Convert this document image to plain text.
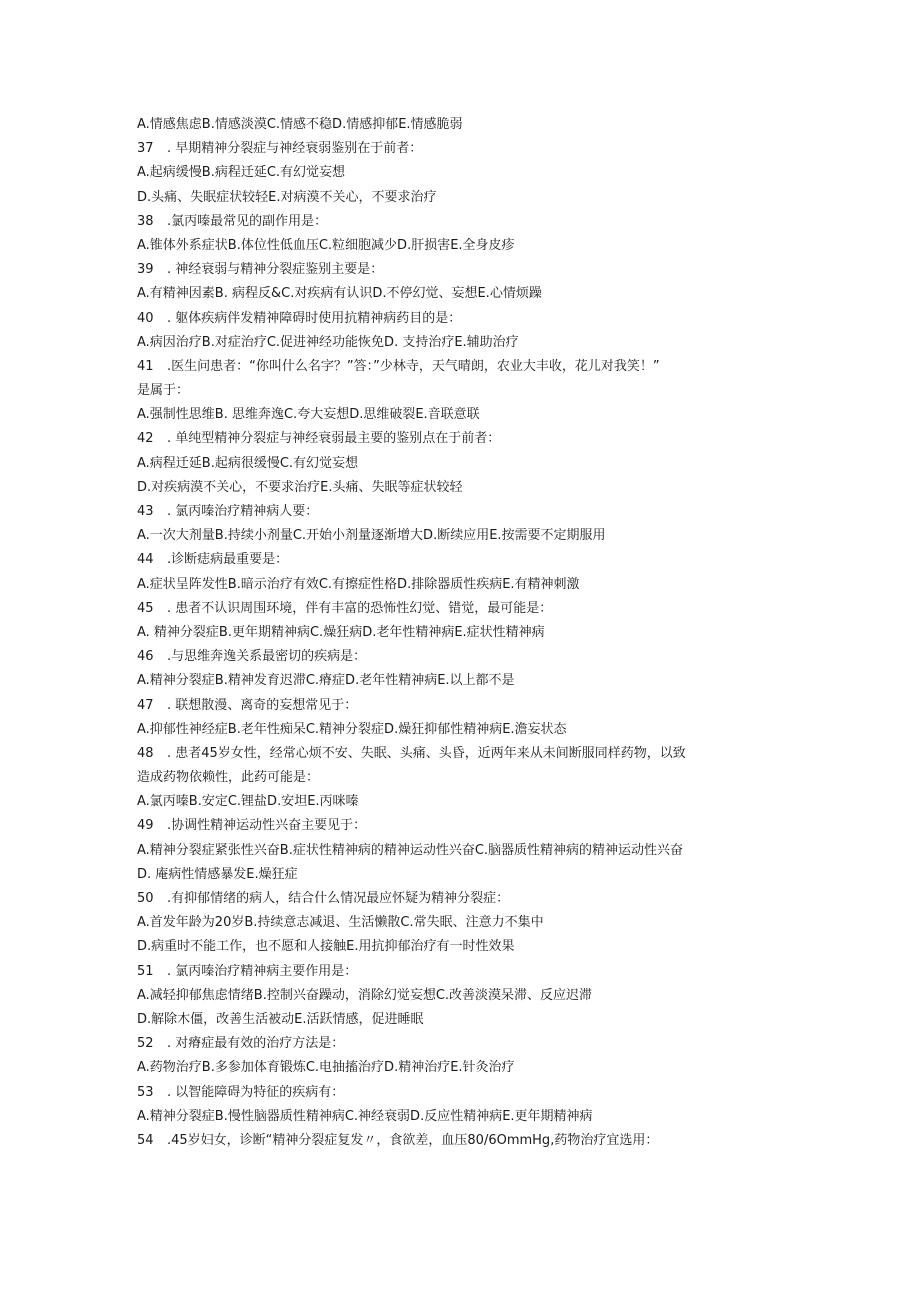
A.情感焦虑B.情感淡漠C.情感不稳D.情感抑郁E.情感脆弱
37 . 早期精神分裂症与神经衰弱鉴别在于前者：
A.起病缓慢B.病程迁延C.有幻觉妄想
D.头痛、失眠症状较轻E.对病漠不关心，不要求治疗
38 .氯丙嗪最常见的副作用是：
A.锥体外系症状B.体位性低血压C.粒细胞减少D.肝损害E.全身皮疹
39 . 神经衰弱与精神分裂症鉴别主要是：
A.有精神因素B. 病程反&C.对疾病有认识D.不停幻觉、妄想E.心情烦躁
40 . 躯体疾病伴发精神障碍时使用抗精神病药目的是：
A.病因治疗B.对症治疗C.促进神经功能恢免D. 支持治疗E.辅助治疗
41 .医生问患者：“你叫什么名字？”答：”少林寺，天气晴朗，农业大丰收，花儿对我笑！”
是属于：
A.强制性思维B. 思维奔逸C.夸大妄想D.思维破裂E.音联意联
42 . 单纯型精神分裂症与神经衰弱最主要的鉴别点在于前者：
A.病程迁延B.起病很缓慢C.有幻觉妄想
D.对疾病漠不关心，不要求治疗E.头痛、失眠等症状较轻
43 . 氯丙嗪治疗精神病人要：
A.一次大剂量B.持续小剂量C.开始小剂量逐渐增大D.断续应用E.按需要不定期服用
44 .诊断痣病最重要是：
A.症状呈阵发性B.暗示治疗有效C.有擦症性格D.排除器质性疾病E.有精神刺激
45 . 患者不认识周围环境，伴有丰富的恐怖性幻觉、错觉，最可能是：
A. 精神分裂症B.更年期精神病C.燥狂病D.老年性精神病E.症状性精神病
46 .与思维奔逸关系最密切的疾病是：
A.精神分裂症B.精神发育迟滞C.瘠症D.老年性精神病E.以上都不是
47 . 联想散漫、离奇的妄想常见于：
A.抑郁性神经症B.老年性痴呆C.精神分裂症D.燥狂抑郁性精神病E.澹妄状态
48 . 患者45岁女性，经常心烦不安、失眠、头痛、头昏，近两年来从未间断服同样药物，以致
造成药物依赖性，此药可能是：
A.氯丙嗪B.安定C.锂盐D.安坦E.丙咪嗪
49 .协调性精神运动性兴奋主要见于：
A.精神分裂症紧张性兴奋B.症状性精神病的精神运动性兴奋C.脑器质性精神病的精神运动性兴奋
D. 庵病性情感暴发E.燥狂症
50 .有抑郁情绪的病人，结合什么情况最应怀疑为精神分裂症：
A.首发年龄为20岁B.持续意志减退、生活懒散C.常失眠、注意力不集中
D.病重时不能工作，也不愿和人接触E.用抗抑郁治疗有一时性效果
51 . 氯丙嗪治疗精神病主要作用是：
A.减轻抑郁焦虑情绪B.控制兴奋躁动，消除幻觉妄想C.改善淡漠呆滞、反应迟滞
D.解除木僵，改善生活被动E.活跃情感，促进睡眠
52 . 对瘠症最有效的治疗方法是：
A.药物治疗B.多参加体育锻炼C.电抽搐治疗D.精神治疗E.针灸治疗
53 . 以智能障碍为特征的疾病有：
A.精神分裂症B.慢性脑器质性精神病C.神经衰弱D.反应性精神病E.更年期精神病
54 .45岁妇女，诊断“精神分裂症复发〃，食欲差，血压80/6OmmHg,药物治疗宜选用：
